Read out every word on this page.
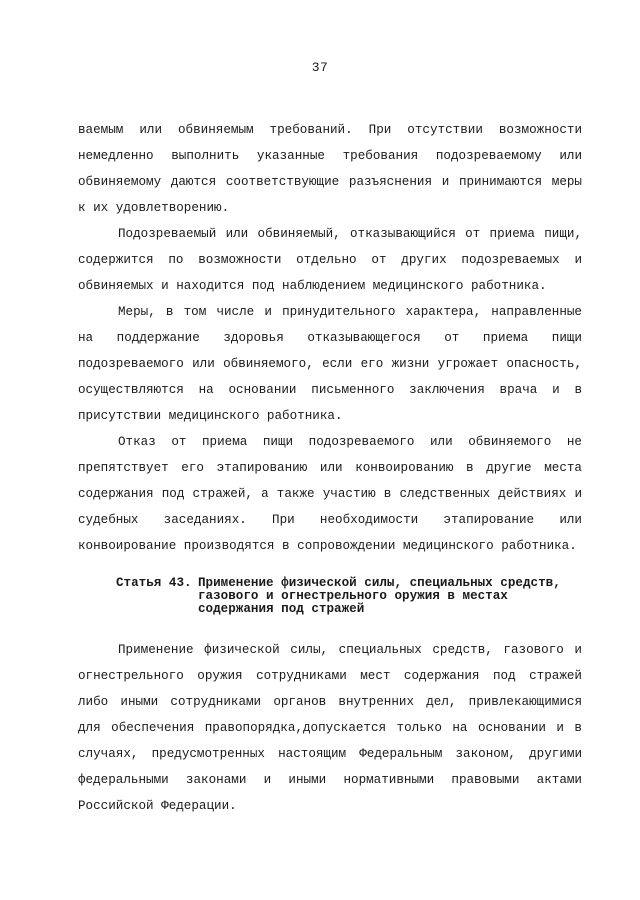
37

ваемым или обвиняемым требований. При отсутствии возможности немедленно выполнить указанные требования подозреваемому или обвиняемому даются соответствующие разъяснения и принимаются меры к их удовлетворению.

Подозреваемый или обвиняемый, отказывающийся от приема пищи, содержится по возможности отдельно от других подозреваемых и обвиняемых и находится под наблюдением медицинского работника.

Меры, в том числе и принудительного характера, направленные на поддержание здоровья отказывающегося от приема пищи подозреваемого или обвиняемого, если его жизни угрожает опасность, осуществляются на основании письменного заключения врача и в присутствии медицинского работника.

Отказ от приема пищи подозреваемого или обвиняемого не препятствует его этапированию или конвоированию в другие места содержания под стражей, а также участию в следственных действиях и судебных заседаниях. При необходимости этапирование или конвоирование производятся в сопровождении медицинского работника.

Статья 43. Применение физической силы, специальных средств, газового и огнестрельного оружия в местах содержания под стражей

Применение физической силы, специальных средств, газового и огнестрельного оружия сотрудниками мест содержания под стражей либо иными сотрудниками органов внутренних дел, привлекающимися для обеспечения правопорядка,допускается только на основании и в случаях, предусмотренных настоящим Федеральным законом, другими федеральными законами и иными нормативными правовыми актами Российской Федерации.
